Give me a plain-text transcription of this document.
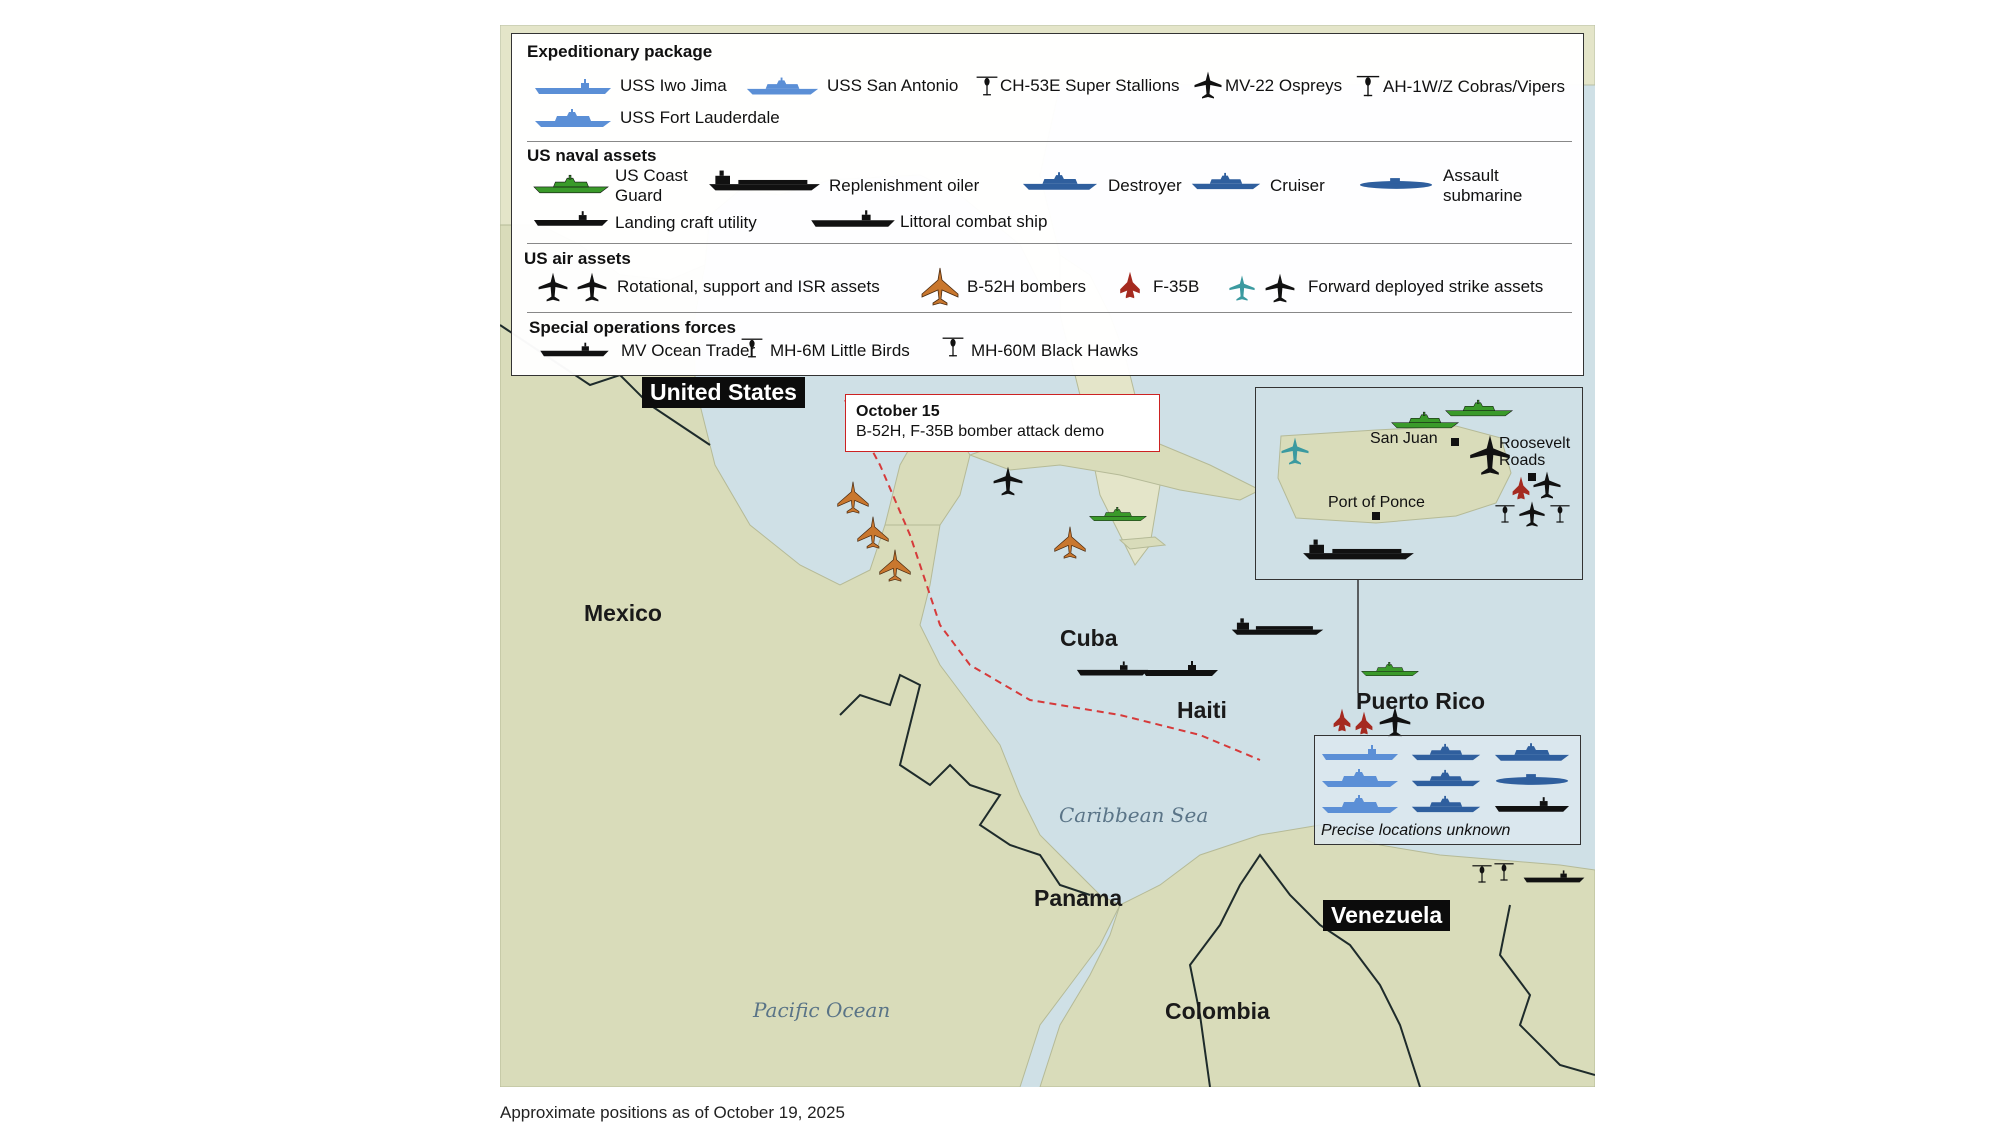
Expeditionary package
USS Iwo Jima	USS San Antonio CH-53E Super Stallions	MV-22 Ospreys AH-1W/Z Cobras/Vipers
USS Fort Lauderdale
US naval assets
US Coast
Guard
Replenishment oiler	Destroyer	Cruiser
Assault
submarine
Landing craft utility	Littoral combat ship
US air assets
Rotational, support and ISR assets	B-52H bombers	F-35B	Forward deployed strike assets
Special operations forces
MV Ocean Trader MH-6M Little Birds	MH-60M Black Hawks
United States
Venezuela
Mexico
Cuba
Haiti	Puerto Rico
Panama
Colombia
Caribbean Sea
Pacific Ocean
October 15
B-52H, F-35B bomber attack demo	San Juan	Roosevelt
Roads
Port of Ponce
Precise locations unknown
Approximate positions as of October 19, 2025
